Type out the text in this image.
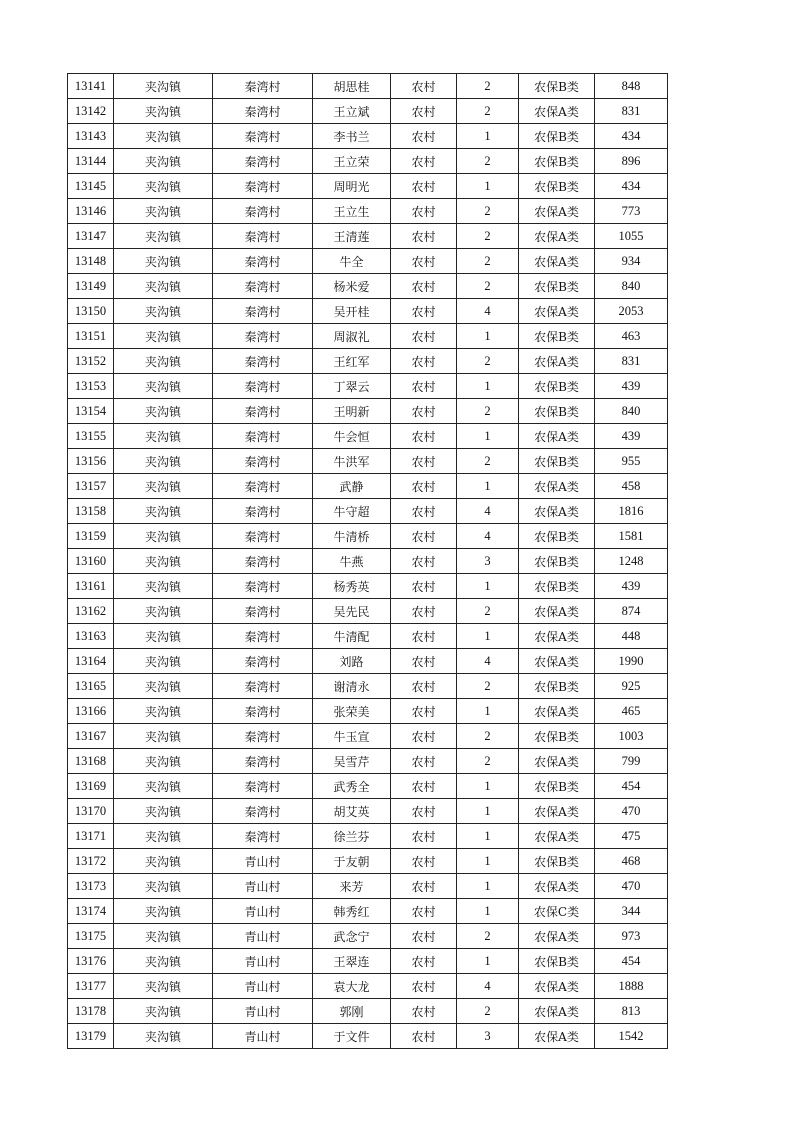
13141	夹沟镇	秦湾村	胡思桂	农村	2	农保B类	848
13142	夹沟镇	秦湾村	王立斌	农村	2	农保A类	831
13143	夹沟镇	秦湾村	李书兰	农村	1	农保B类	434
13144	夹沟镇	秦湾村	王立荣	农村	2	农保B类	896
13145	夹沟镇	秦湾村	周明光	农村	1	农保B类	434
13146	夹沟镇	秦湾村	王立生	农村	2	农保A类	773
13147	夹沟镇	秦湾村	王清莲	农村	2	农保A类	1055
13148	夹沟镇	秦湾村	牛全	农村	2	农保A类	934
13149	夹沟镇	秦湾村	杨米爱	农村	2	农保B类	840
13150	夹沟镇	秦湾村	吴开桂	农村	4	农保A类	2053
13151	夹沟镇	秦湾村	周淑礼	农村	1	农保B类	463
13152	夹沟镇	秦湾村	王红军	农村	2	农保A类	831
13153	夹沟镇	秦湾村	丁翠云	农村	1	农保B类	439
13154	夹沟镇	秦湾村	王明新	农村	2	农保B类	840
13155	夹沟镇	秦湾村	牛会恒	农村	1	农保A类	439
13156	夹沟镇	秦湾村	牛洪军	农村	2	农保B类	955
13157	夹沟镇	秦湾村	武静	农村	1	农保A类	458
13158	夹沟镇	秦湾村	牛守超	农村	4	农保A类	1816
13159	夹沟镇	秦湾村	牛清桥	农村	4	农保B类	1581
13160	夹沟镇	秦湾村	牛燕	农村	3	农保B类	1248
13161	夹沟镇	秦湾村	杨秀英	农村	1	农保B类	439
13162	夹沟镇	秦湾村	吴先民	农村	2	农保A类	874
13163	夹沟镇	秦湾村	牛清配	农村	1	农保A类	448
13164	夹沟镇	秦湾村	刘路	农村	4	农保A类	1990
13165	夹沟镇	秦湾村	谢清永	农村	2	农保B类	925
13166	夹沟镇	秦湾村	张荣美	农村	1	农保A类	465
13167	夹沟镇	秦湾村	牛玉宣	农村	2	农保B类	1003
13168	夹沟镇	秦湾村	吴雪芹	农村	2	农保A类	799
13169	夹沟镇	秦湾村	武秀全	农村	1	农保B类	454
13170	夹沟镇	秦湾村	胡艾英	农村	1	农保A类	470
13171	夹沟镇	秦湾村	徐兰芬	农村	1	农保A类	475
13172	夹沟镇	青山村	于友朝	农村	1	农保B类	468
13173	夹沟镇	青山村	来芳	农村	1	农保A类	470
13174	夹沟镇	青山村	韩秀红	农村	1	农保C类	344
13175	夹沟镇	青山村	武念宁	农村	2	农保A类	973
13176	夹沟镇	青山村	王翠连	农村	1	农保B类	454
13177	夹沟镇	青山村	袁大龙	农村	4	农保A类	1888
13178	夹沟镇	青山村	郭刚	农村	2	农保A类	813
13179	夹沟镇	青山村	于文件	农村	3	农保A类	1542
